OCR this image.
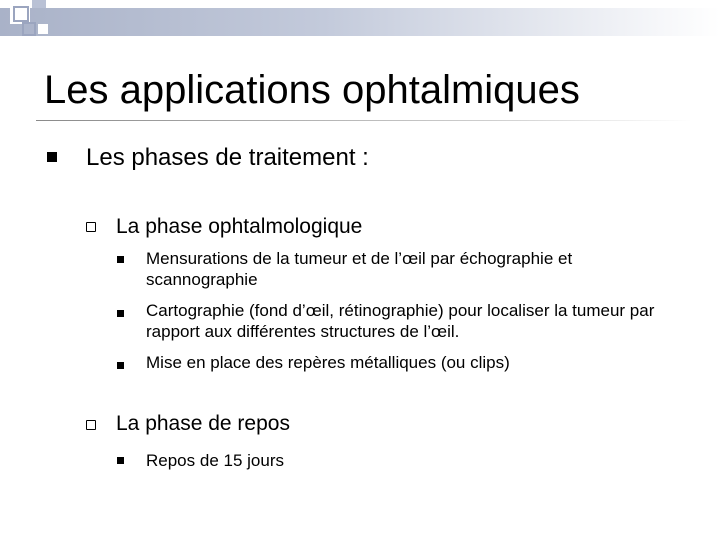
Les applications ophtalmiques
Les phases de traitement :
La phase ophtalmologique
Mensurations de la tumeur et de l’œil par échographie et scannographie
Cartographie (fond d’œil, rétinographie) pour localiser la tumeur par rapport aux différentes structures de l’œil.
Mise en place des repères métalliques (ou clips)
La phase de repos
Repos de 15 jours
